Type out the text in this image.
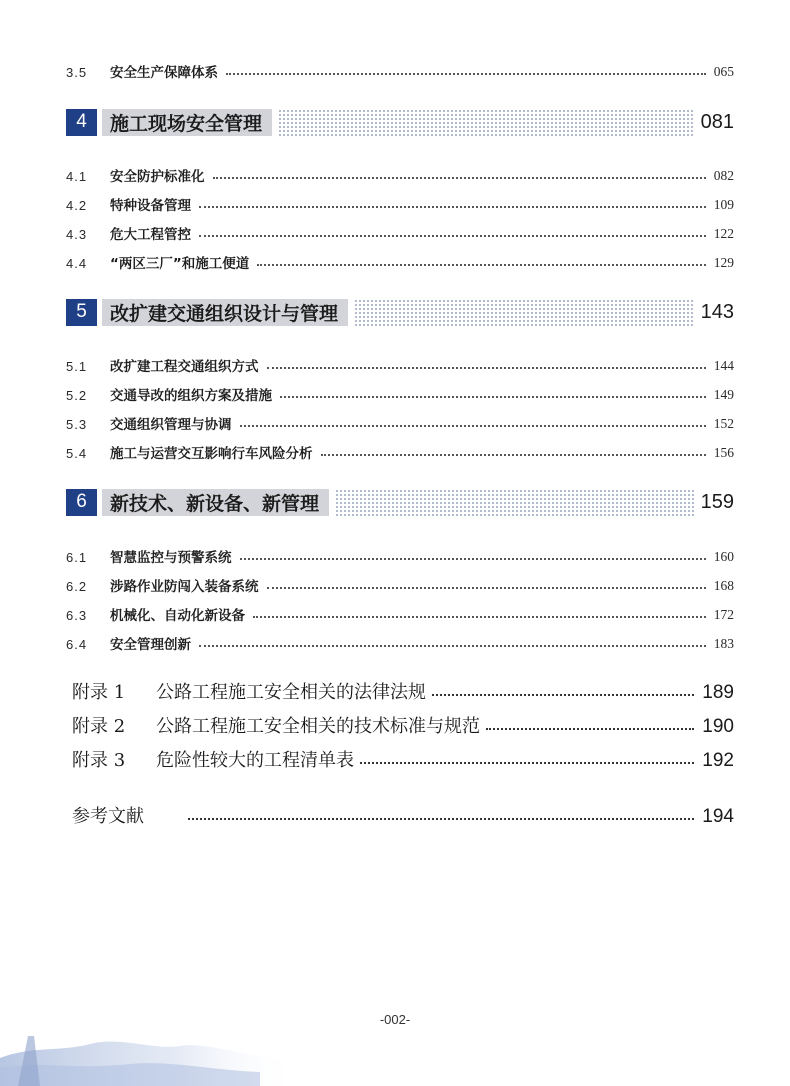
3.5	安全生产保障体系	065
4	施工现场安全管理	081
4.1	安全防护标准化	082
4.2	特种设备管理	109
4.3	危大工程管控	122
4.4	“两区三厂”和施工便道	129
5	改扩建交通组织设计与管理	143
5.1	改扩建工程交通组织方式	144
5.2	交通导改的组织方案及措施	149
5.3	交通组织管理与协调	152
5.4	施工与运营交互影响行车风险分析	156
6	新技术、新设备、新管理	159
6.1	智慧监控与预警系统	160
6.2	涉路作业防闯入装备系统	168
6.3	机械化、自动化新设备	172
6.4	安全管理创新	183
附录 1	公路工程施工安全相关的法律法规	189
附录 2	公路工程施工安全相关的技术标准与规范	190
附录 3	危险性较大的工程清单表	192
参考文献	194
-002-
